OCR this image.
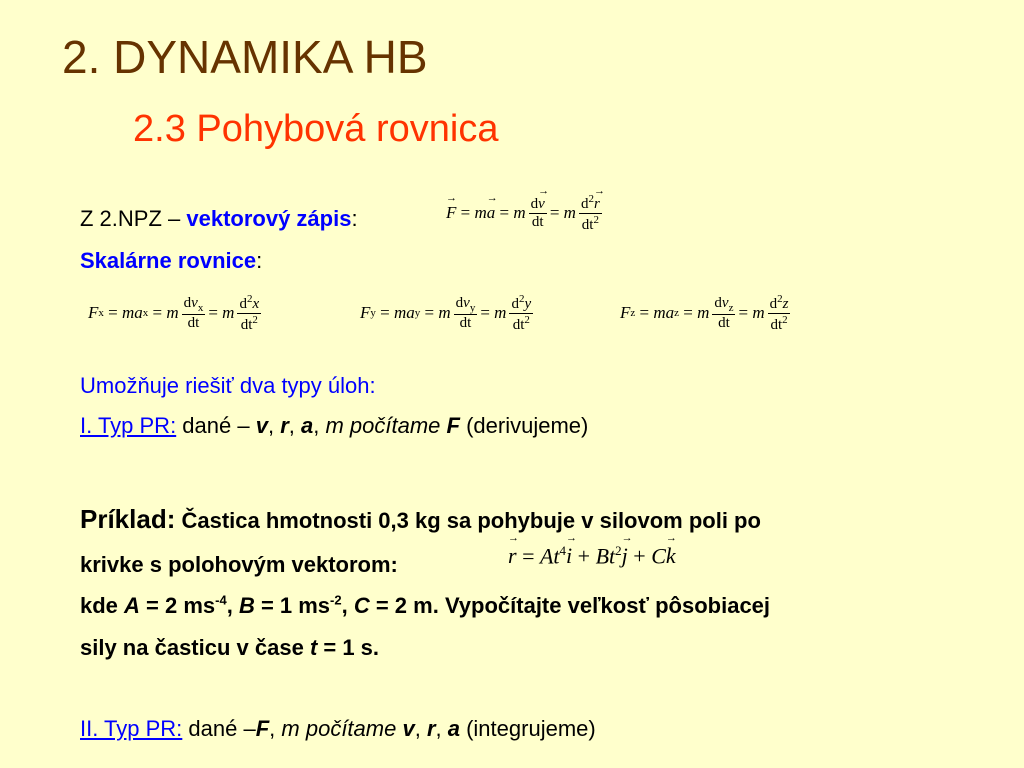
2. DYNAMIKA HB
2.3 Pohybová rovnica
Z 2.NPZ – vektorový zápis:	→ F = m → a = m $\frac{d\to v}{dt} = m \frac{d^2\to r}{dt^2}$
Skalárne rovnice:
F x = ma x = m $\frac{dv_x}{dt} = m \frac{d^2x}{dt^2}$	F y = ma y = m $\frac{dv_y}{dt} = m \frac{d^2y}{dt^2}$	F z = ma z = m $\frac{dv_z}{dt} = m \frac{d^2z}{dt^2}$
Umožňuje riešiť dva typy úloh:
I. Typ PR: dané – v, r, a, m počítame F (derivujeme)
Príklad: Častica hmotnosti 0,3 kg sa pohybuje v silovom poli po
krivke s polohovým vektorom:	→ $r = At^4\to i + Bt^2\to j + C\to k$
kde A = 2 $ms^{-4}$, B = 1 $ms^{-2}$, C = 2 m. Vypočítajte veľkosť pôsobiacej
sily na časticu v čase t = 1 s.
II. Typ PR: dané –F, m počítame v, r, a (integrujeme)
